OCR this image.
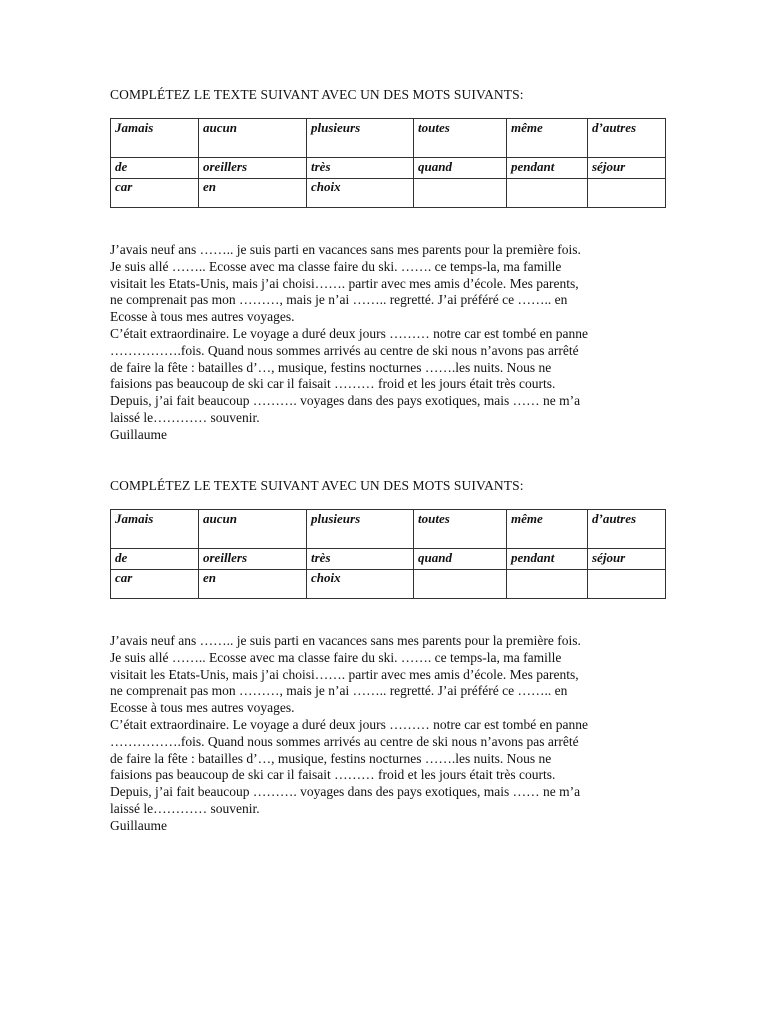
COMPLÉTEZ LE TEXTE SUIVANT AVEC UN DES MOTS SUIVANTS:

Jamais	aucun	plusieurs	toutes	même	d’autres
de	oreillers	très	quand	pendant	séjour
car	en	choix			
J’avais neuf ans …….. je suis parti en vacances sans mes parents pour la première fois.
Je suis allé …….. Ecosse avec ma classe faire du ski. ……. ce temps-la, ma famille
visitait les Etats-Unis, mais j’ai choisi……. partir avec mes amis d’école. Mes parents,
ne comprenait pas mon ………, mais je n’ai …….. regretté. J’ai préféré ce …….. en
Ecosse à tous mes autres voyages.
C’était extraordinaire. Le voyage a duré deux jours ……… notre car est tombé en panne
…………….fois. Quand nous sommes arrivés au centre de ski nous n’avons pas arrêté
de faire la fête : batailles d’…, musique, festins nocturnes …….les nuits. Nous ne
faisions pas beaucoup de ski car il faisait ……… froid et les jours était très courts.
Depuis, j’ai fait beaucoup ………. voyages dans des pays exotiques, mais …… ne m’a
laissé le………… souvenir.
Guillaume

COMPLÉTEZ LE TEXTE SUIVANT AVEC UN DES MOTS SUIVANTS:

Jamais	aucun	plusieurs	toutes	même	d’autres
de	oreillers	très	quand	pendant	séjour
car	en	choix			
J’avais neuf ans …….. je suis parti en vacances sans mes parents pour la première fois.
Je suis allé …….. Ecosse avec ma classe faire du ski. ……. ce temps-la, ma famille
visitait les Etats-Unis, mais j’ai choisi……. partir avec mes amis d’école. Mes parents,
ne comprenait pas mon ………, mais je n’ai …….. regretté. J’ai préféré ce …….. en
Ecosse à tous mes autres voyages.
C’était extraordinaire. Le voyage a duré deux jours ……… notre car est tombé en panne
…………….fois. Quand nous sommes arrivés au centre de ski nous n’avons pas arrêté
de faire la fête : batailles d’…, musique, festins nocturnes …….les nuits. Nous ne
faisions pas beaucoup de ski car il faisait ……… froid et les jours était très courts.
Depuis, j’ai fait beaucoup ………. voyages dans des pays exotiques, mais …… ne m’a
laissé le………… souvenir.
Guillaume
